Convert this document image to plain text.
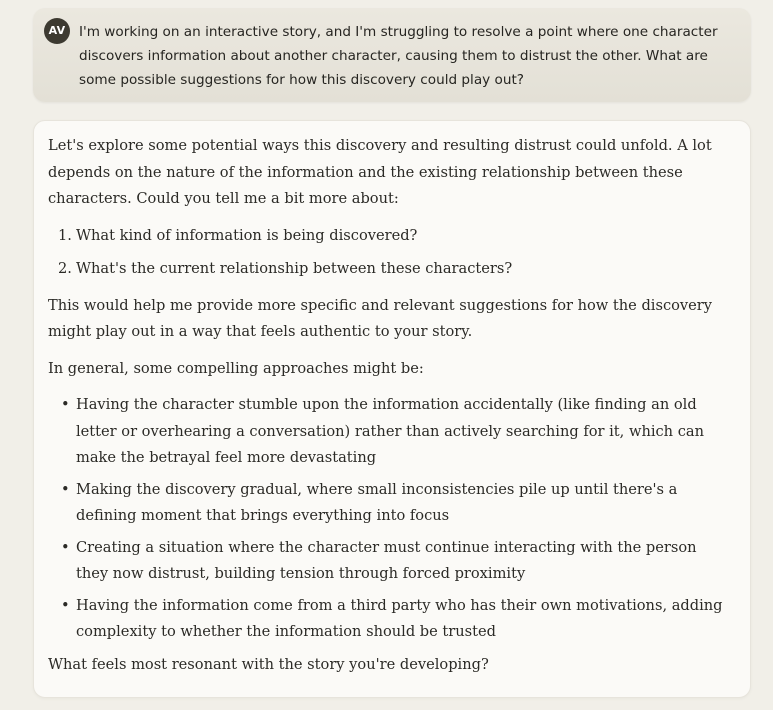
AV	I'm working on an interactive story, and I'm struggling to resolve a point where one character discovers information about another character, causing them to distrust the other. What are some possible suggestions for how this discovery could play out?

Let's explore some potential ways this discovery and resulting distrust could unfold. A lot depends on the nature of the information and the existing relationship between these characters. Could you tell me a bit more about:

1. What kind of information is being discovered?
2. What's the current relationship between these characters?

This would help me provide more specific and relevant suggestions for how the discovery might play out in a way that feels authentic to your story.

In general, some compelling approaches might be:

• Having the character stumble upon the information accidentally (like finding an old letter or overhearing a conversation) rather than actively searching for it, which can make the betrayal feel more devastating
• Making the discovery gradual, where small inconsistencies pile up until there's a defining moment that brings everything into focus
• Creating a situation where the character must continue interacting with the person they now distrust, building tension through forced proximity
• Having the information come from a third party who has their own motivations, adding complexity to whether the information should be trusted

What feels most resonant with the story you're developing?
